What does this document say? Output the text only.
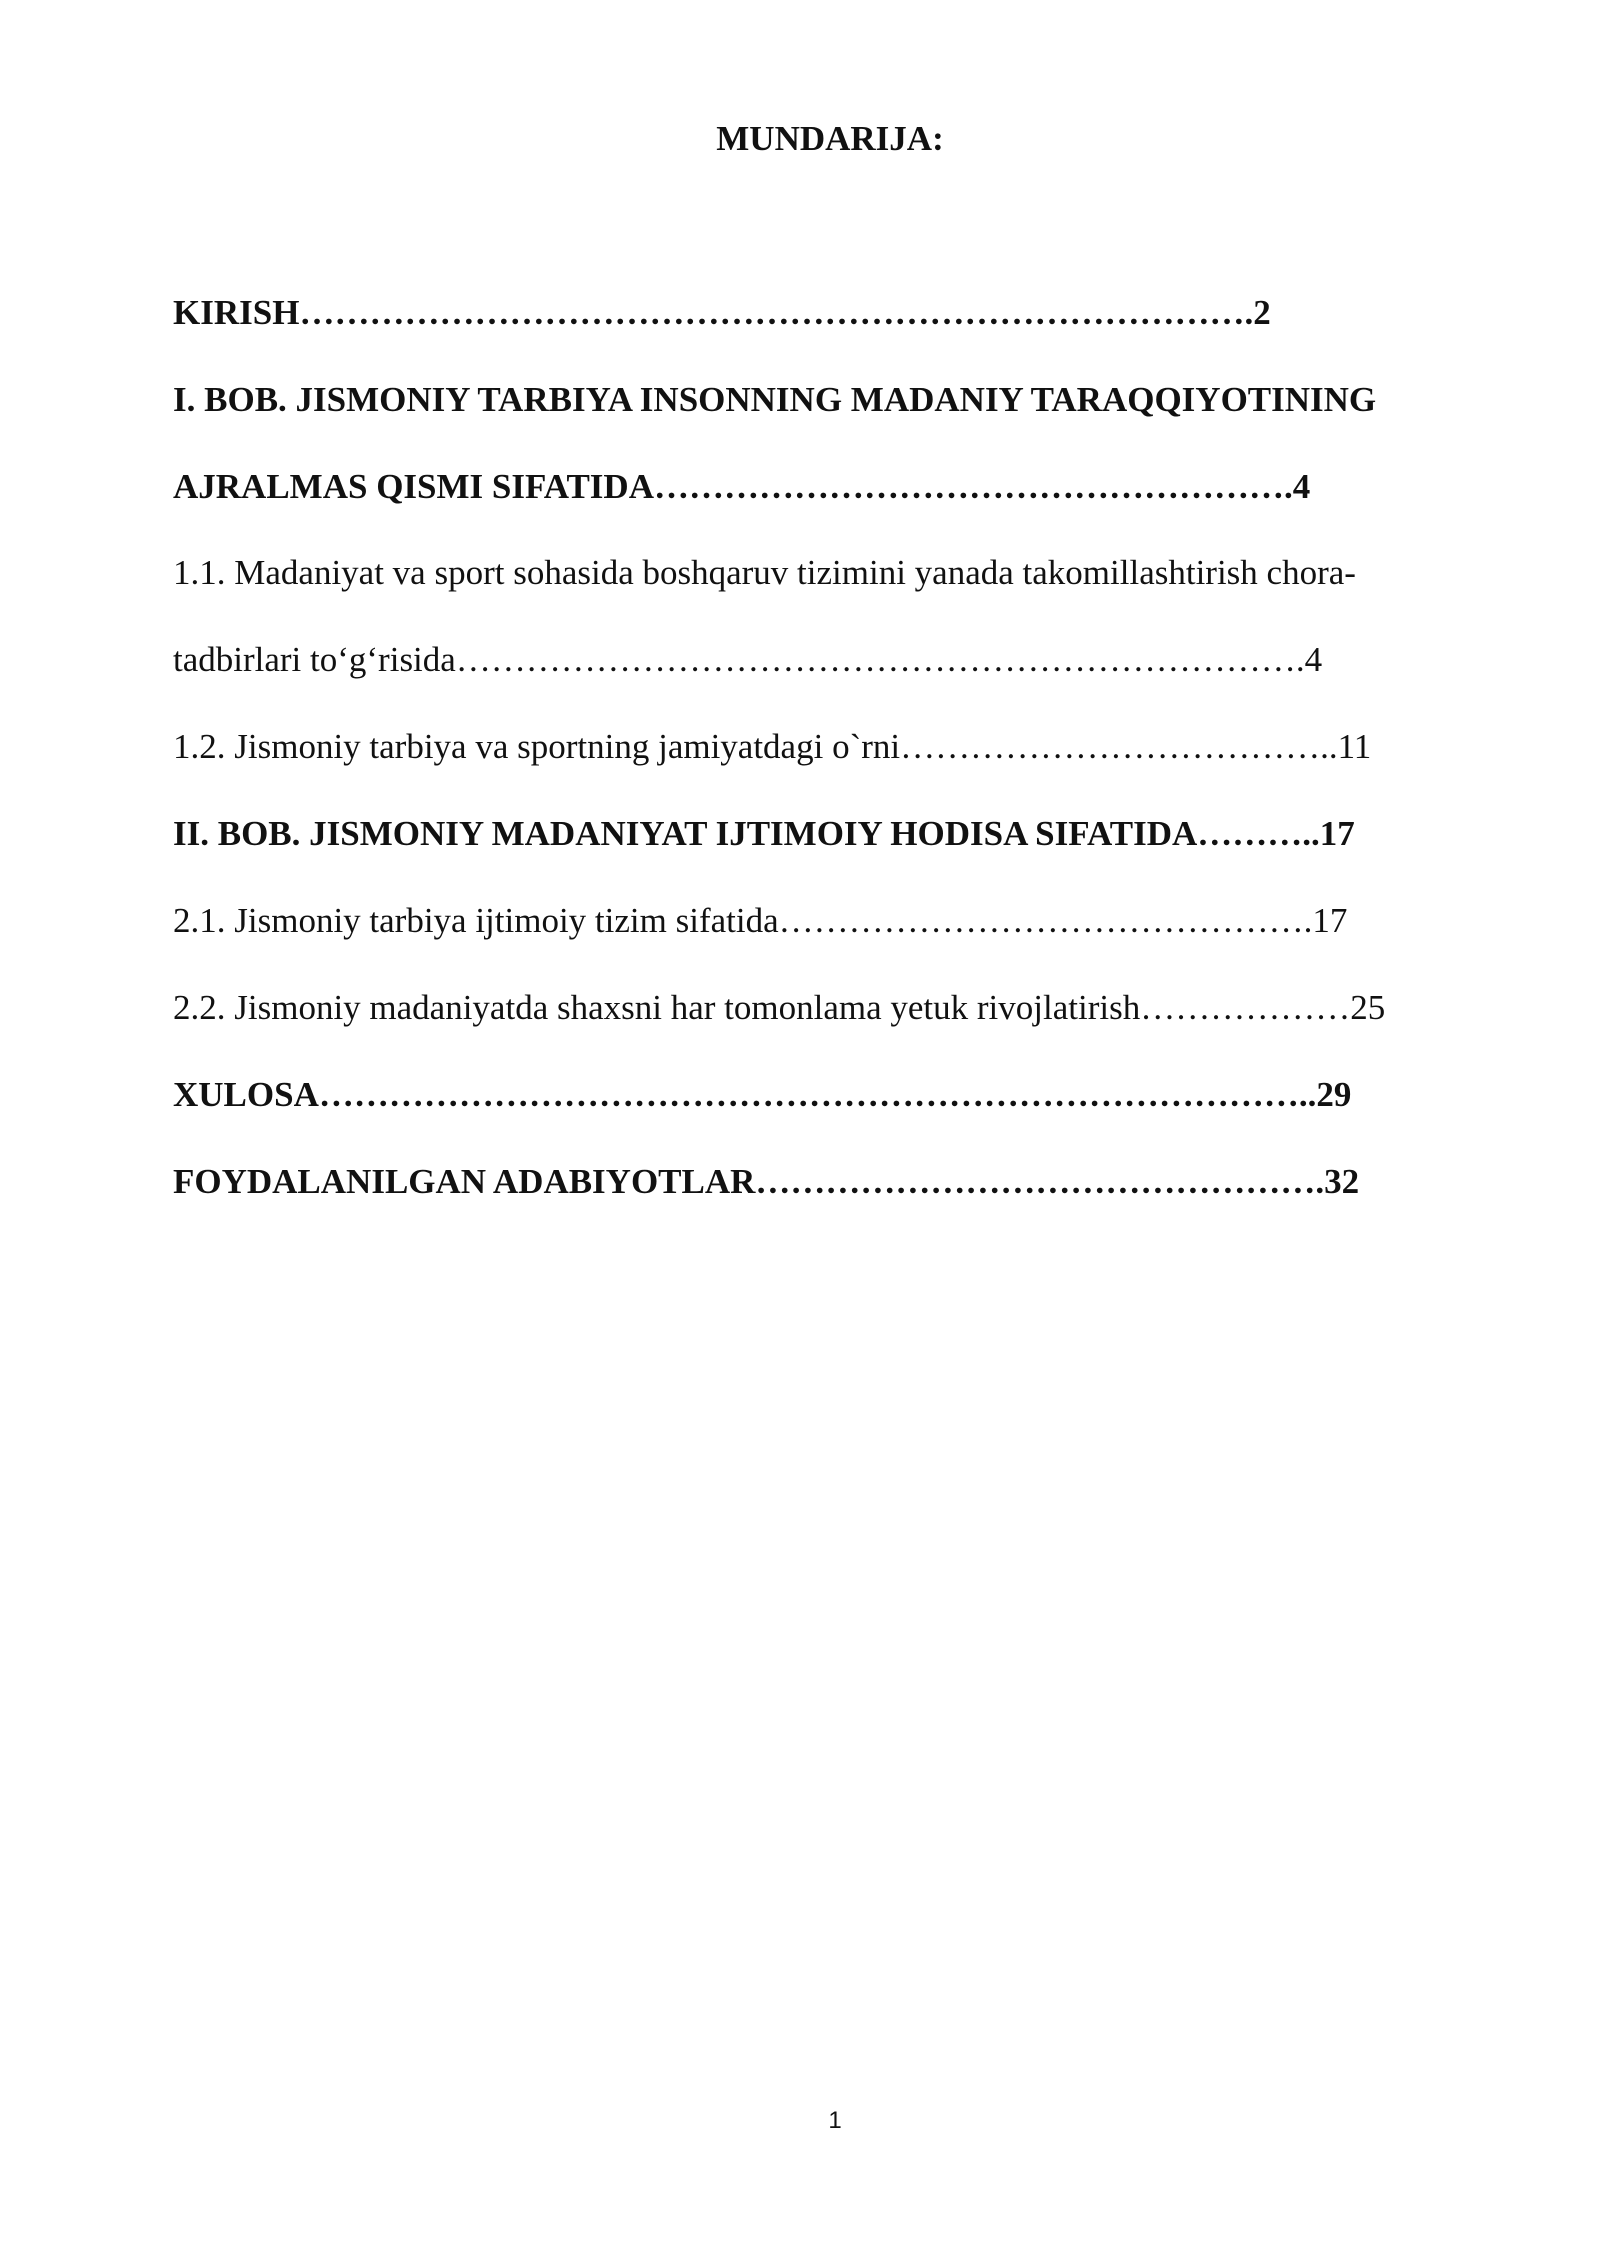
MUNDARIJA:
KIRISH……………………………………………………………………….2
I. BOB. JISMONIY TARBIYA INSONNING MADANIY TARAQQIYOTINING
AJRALMAS QISMI SIFATIDA……………………………………………….4
1.1. Madaniyat va sport sohasida boshqaruv tizimini yanada takomillashtirish chora-
tadbirlari to‘g‘risida……………………………………………………………….4
1.2. Jismoniy tarbiya va sportning jamiyatdagi o`rni………………………………..11
II. BOB. JISMONIY MADANIYAT IJTIMOIY HODISA SIFATIDA………..17
2.1. Jismoniy tarbiya ijtimoiy tizim sifatida……………………………………….17
2.2. Jismoniy madaniyatda shaxsni har tomonlama yetuk rivojlatirish………………25
XULOSA…………………………………………………………………………..29
FOYDALANILGAN ADABIYOTLAR………………………………………….32
1
